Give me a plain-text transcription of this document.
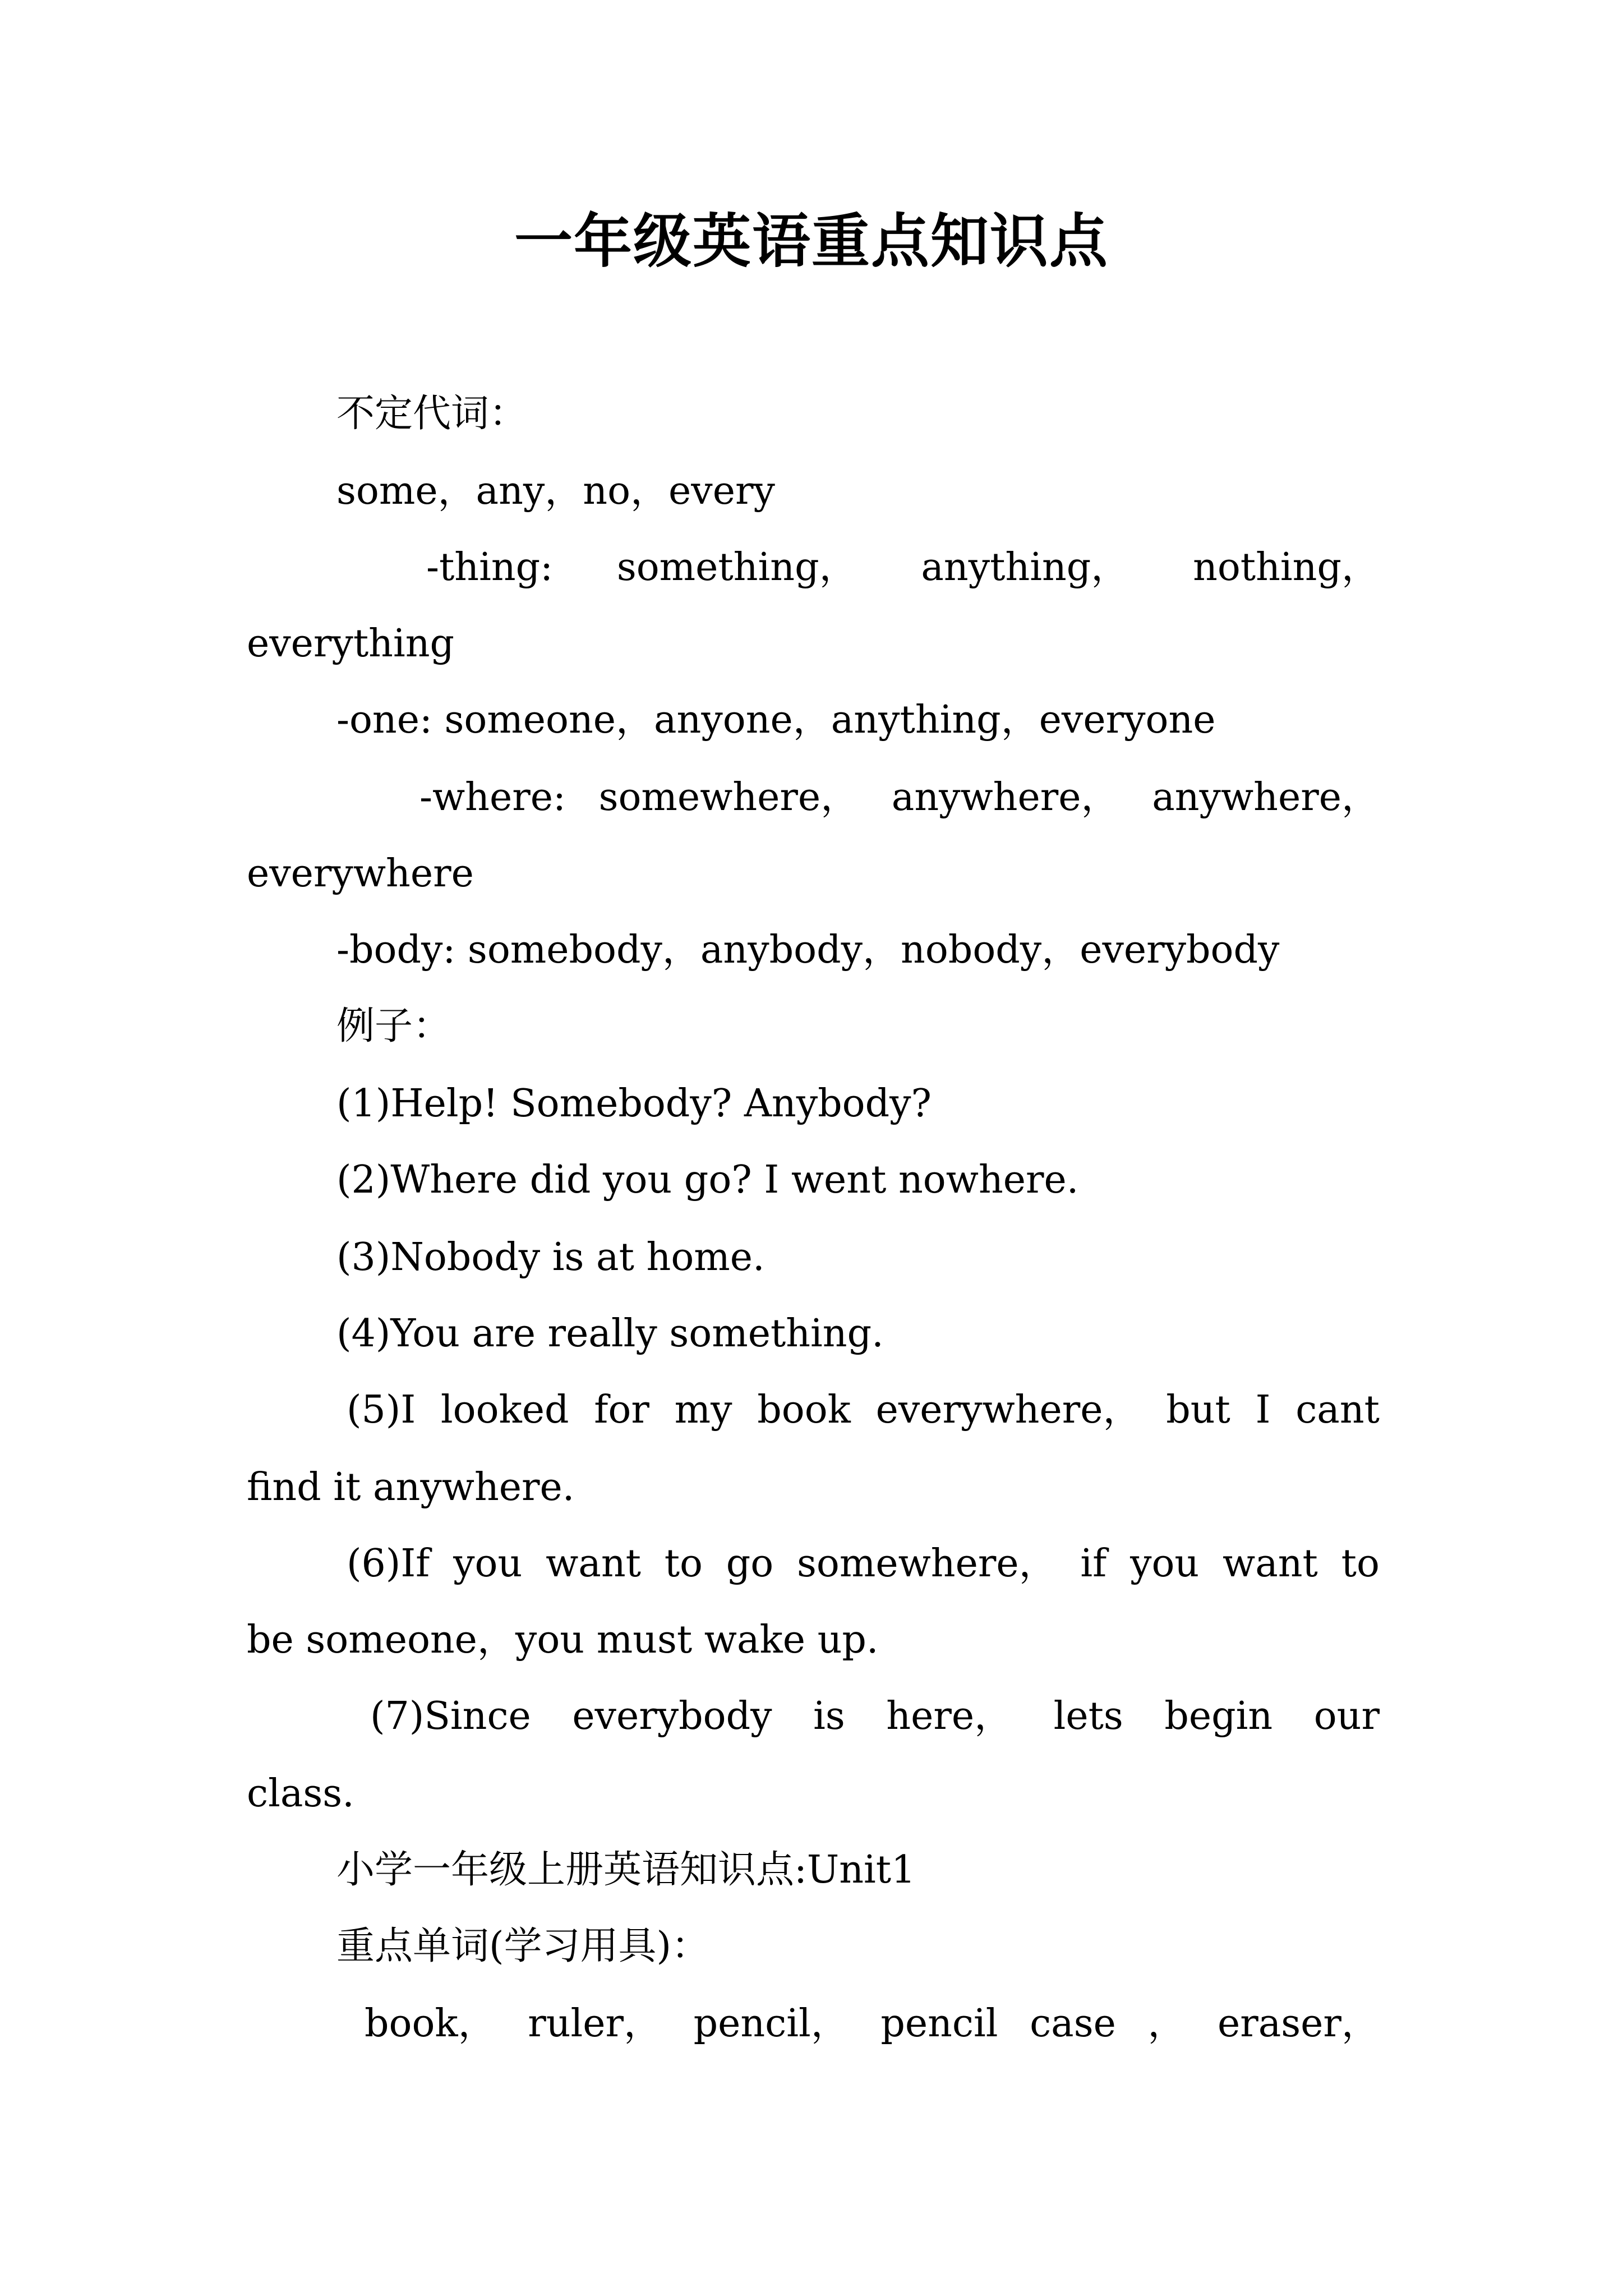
一年级英语重点知识点
不定代词：
some，any，no，every
-thing: something， anything， nothing，
everything
-one: someone，anyone，anything，everyone
-where: somewhere， anywhere， anywhere，
everywhere
-body: somebody，anybody，nobody，everybody
例子：
(1)Help! Somebody? Anybody?
(2)Where did you go? I went nowhere.
(3)Nobody is at home.
(4)You are really something.
(5)I looked for my book everywhere， but I cant
find it anywhere.
(6)If you want to go somewhere， if you want to
be someone，you must wake up.
(7)Since everybody is here， lets begin our
class.
小学一年级上册英语知识点:Unit1
重点单词(学习用具)：
book， ruler， pencil， pencil case ， eraser，
